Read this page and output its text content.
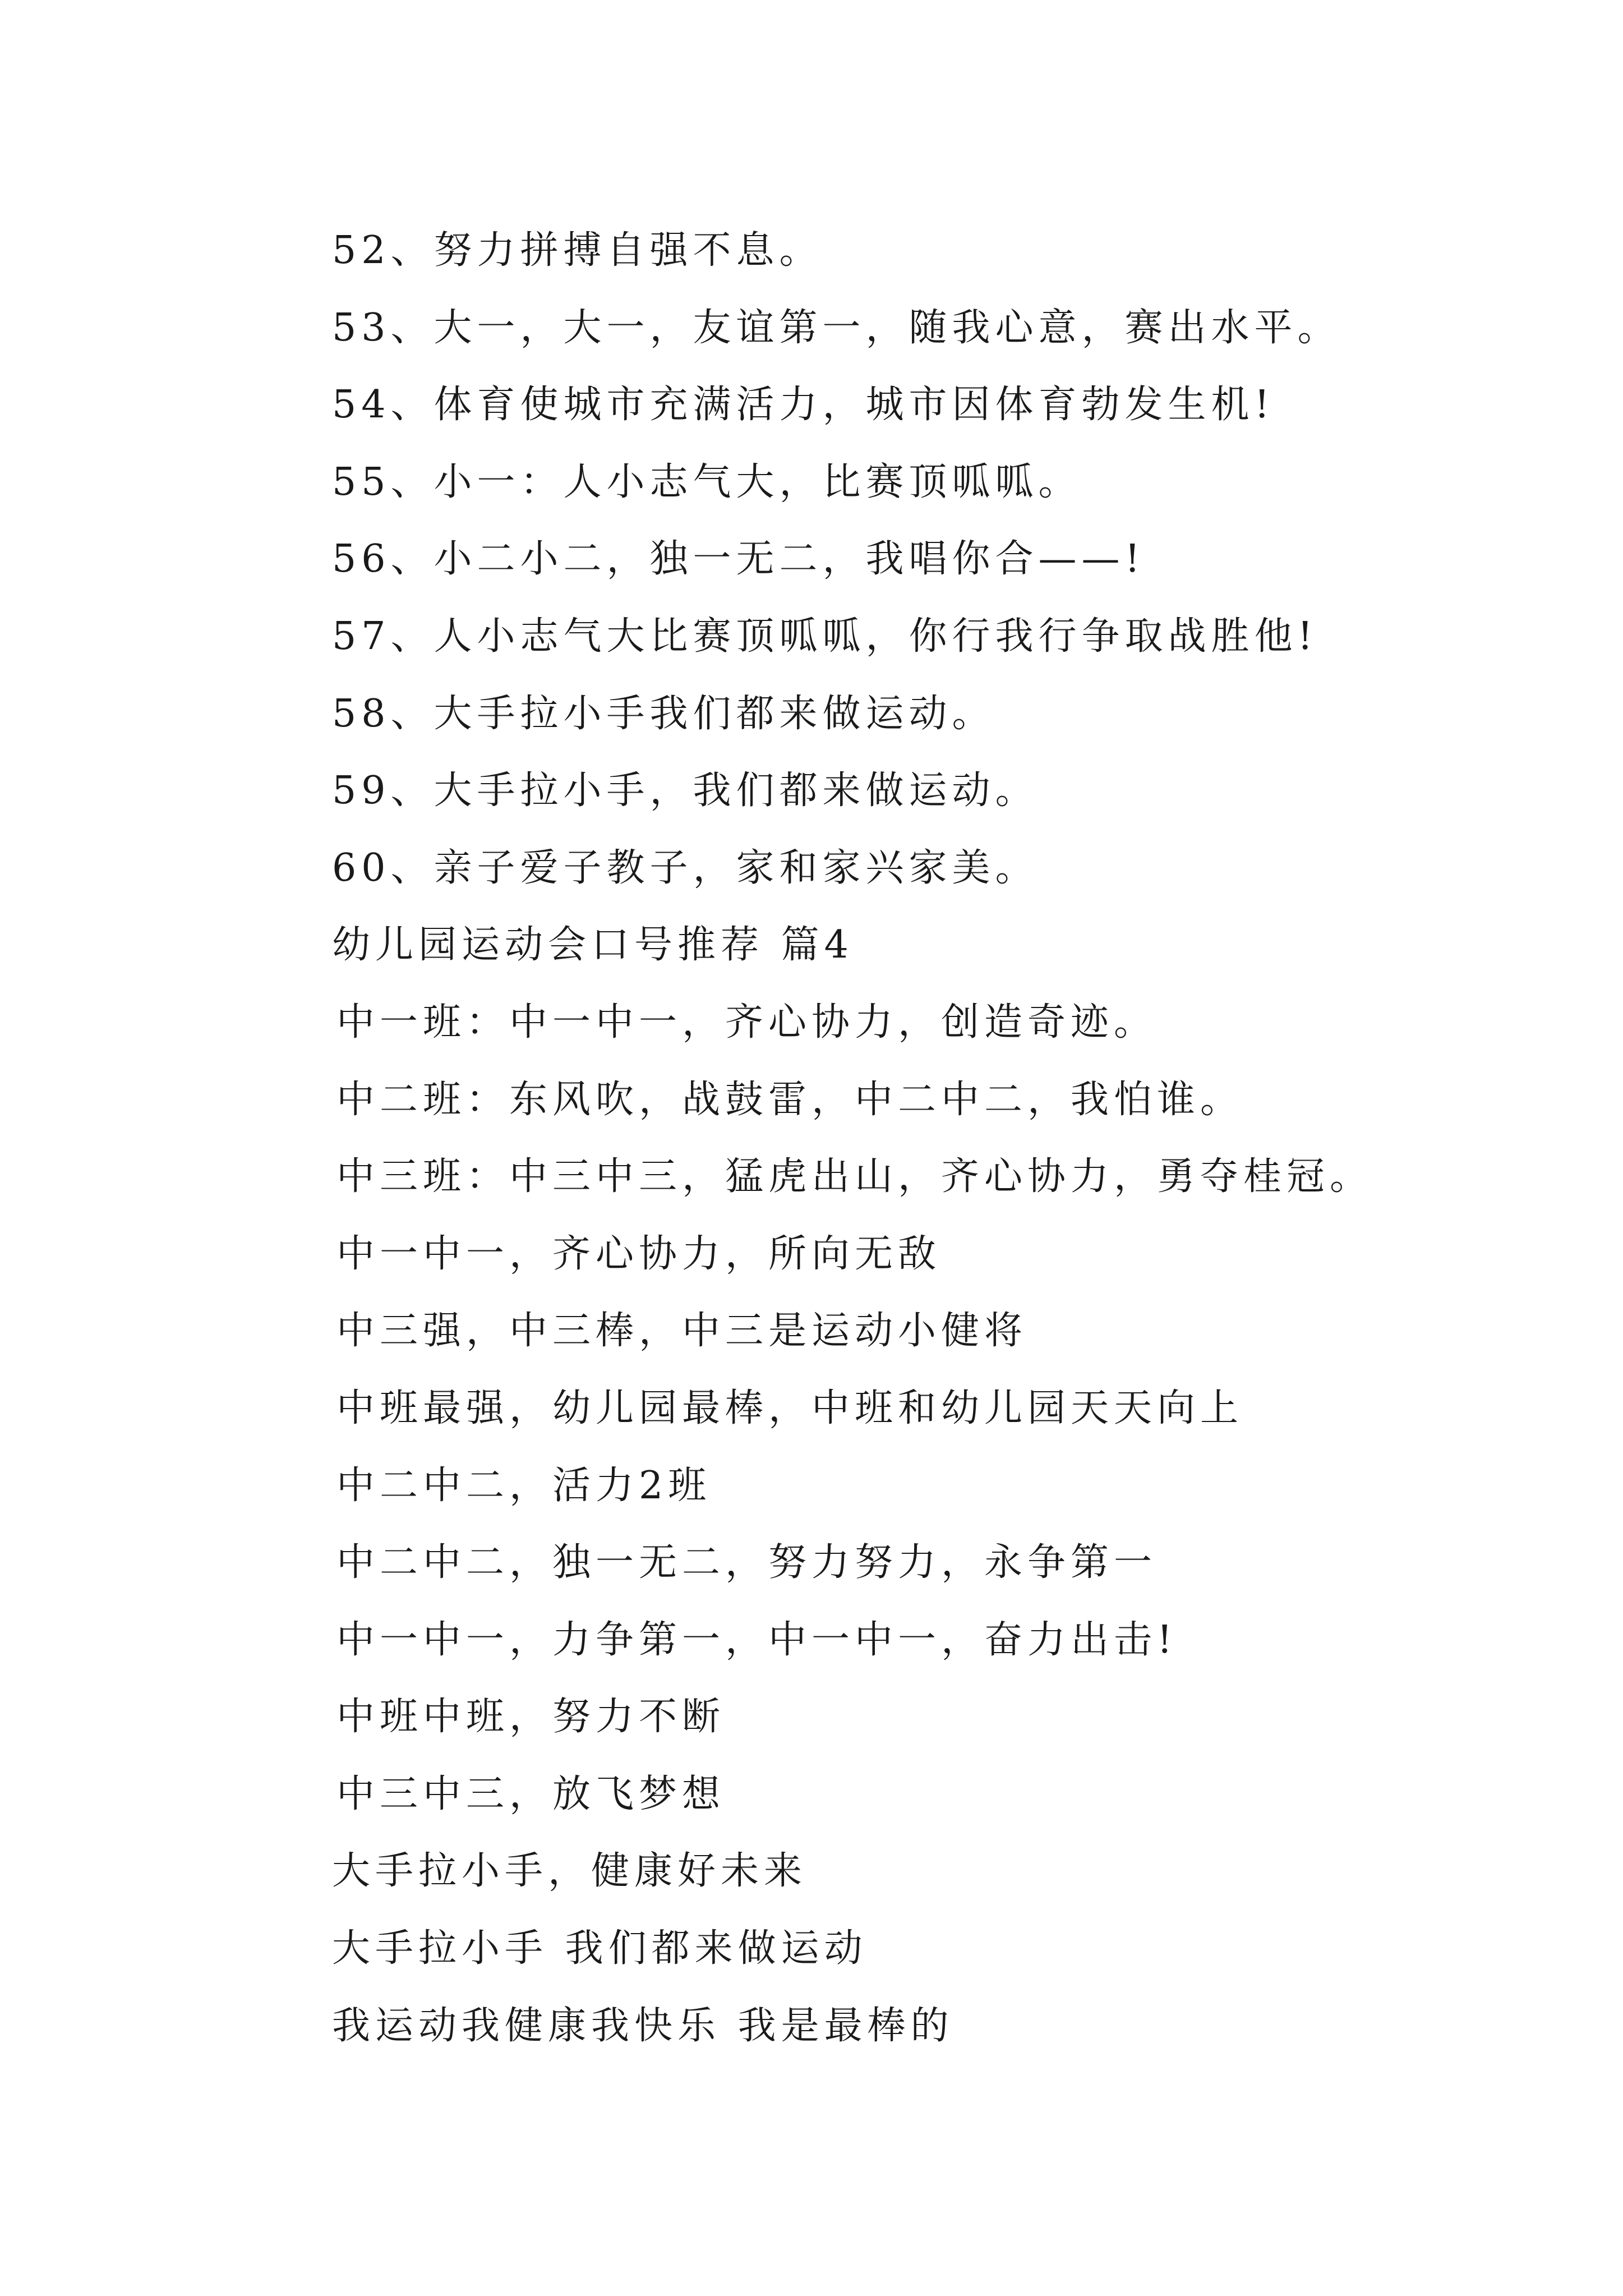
52、努力拼搏自强不息。
53、大一，大一，友谊第一，随我心意，赛出水平。
54、体育使城市充满活力，城市因体育勃发生机!
55、小一：人小志气大，比赛顶呱呱。
56、小二小二，独一无二，我唱你合——!
57、人小志气大比赛顶呱呱，你行我行争取战胜他!
58、大手拉小手我们都来做运动。
59、大手拉小手，我们都来做运动。
60、亲子爱子教子，家和家兴家美。
幼儿园运动会口号推荐 篇4
中一班：中一中一，齐心协力，创造奇迹。
中二班：东风吹，战鼓雷，中二中二，我怕谁。
中三班：中三中三，猛虎出山，齐心协力，勇夺桂冠。
中一中一，齐心协力，所向无敌
中三强，中三棒，中三是运动小健将
中班最强，幼儿园最棒，中班和幼儿园天天向上
中二中二，活力2班
中二中二，独一无二，努力努力，永争第一
中一中一，力争第一，中一中一，奋力出击!
中班中班，努力不断
中三中三，放飞梦想
大手拉小手，健康好未来
大手拉小手 我们都来做运动
我运动我健康我快乐 我是最棒的
